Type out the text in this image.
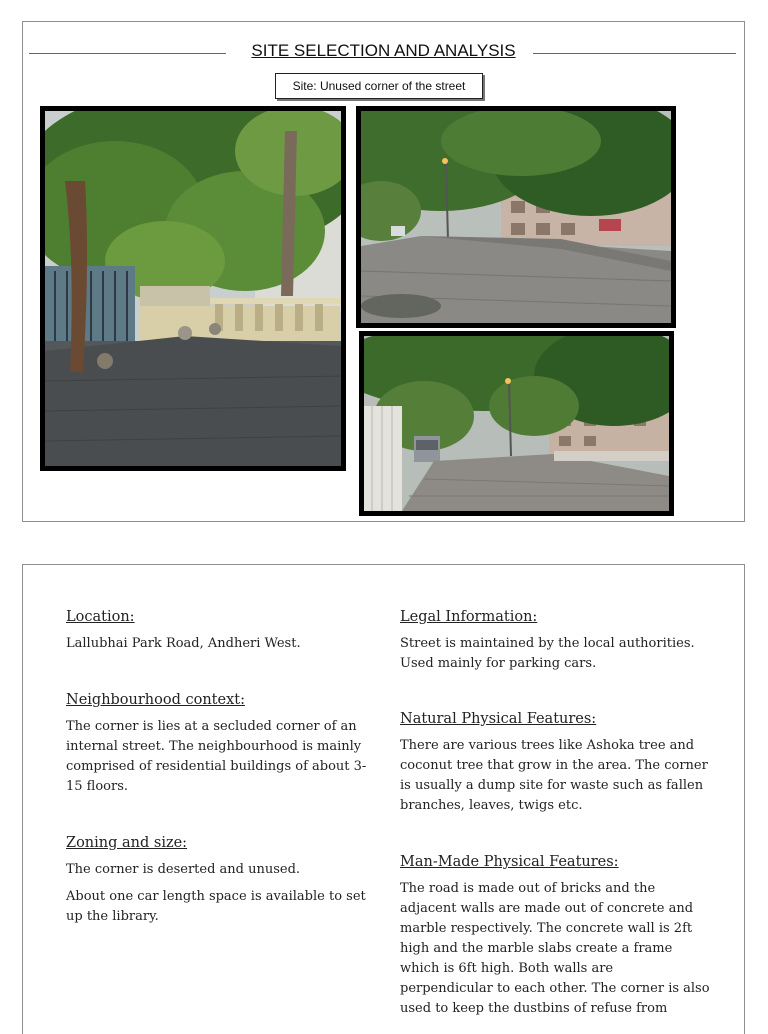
SITE SELECTION AND ANALYSIS
Site: Unused corner of the street
Location:

Lallubhai Park Road, Andheri West.

Neighbourhood context:

The corner is lies at a secluded corner of an internal street. The neighbourhood is mainly comprised of residential buildings of about 3-15 floors.

Zoning and size:

The corner is deserted and unused.

About one car length space is available to set up the library.

Legal Information:

Street is maintained by the local authorities. Used mainly for parking cars.

Natural Physical Features:

There are various trees like Ashoka tree and coconut tree that grow in the area. The corner is usually a dump site for waste such as fallen branches, leaves, twigs etc.

Man-Made Physical Features:

The road is made out of bricks and the adjacent walls are made out of concrete and marble respectively. The concrete wall is 2ft high and the marble slabs create a frame which is 6ft high. Both walls are perpendicular to each other. The corner is also used to keep the dustbins of refuse from
